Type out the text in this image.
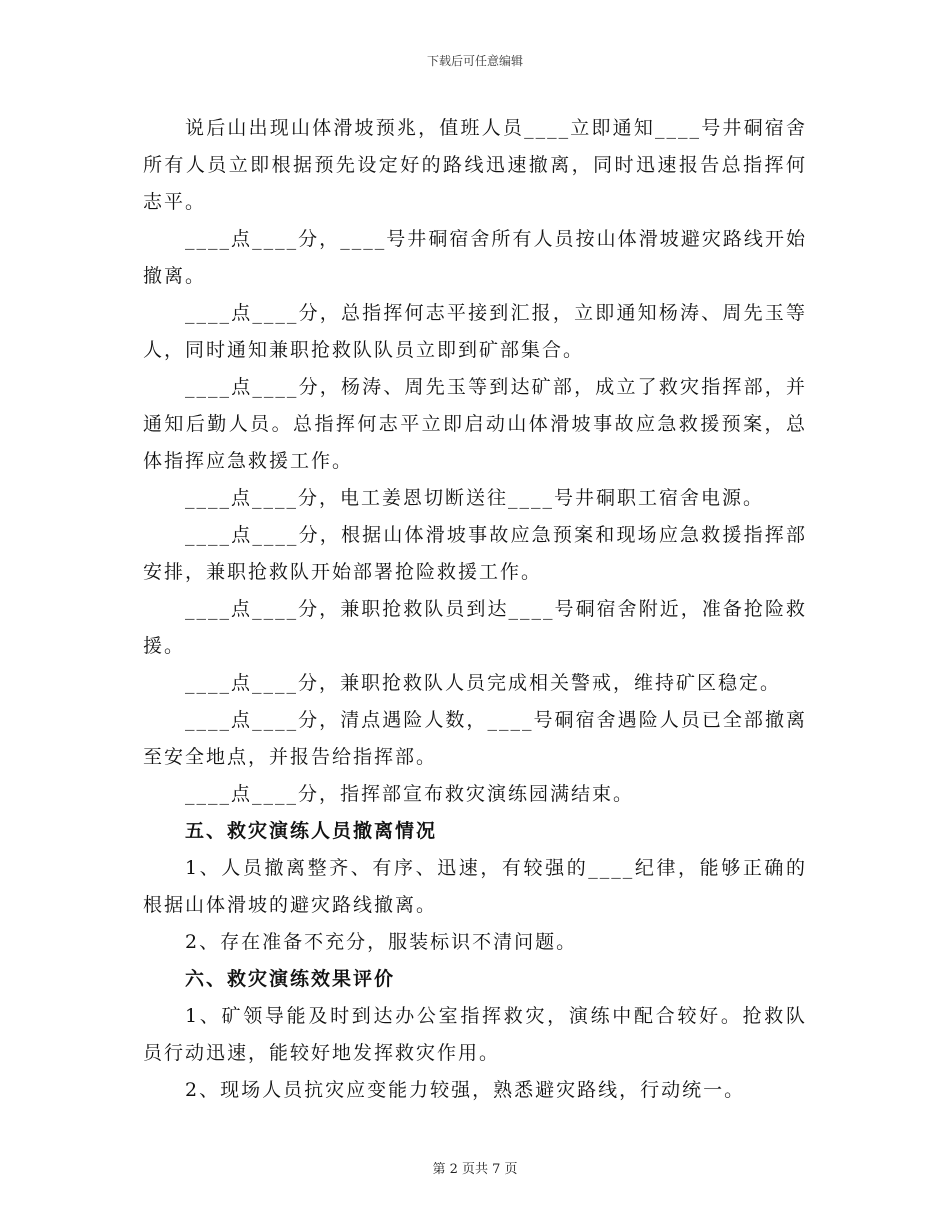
下载后可任意编辑

说后山出现山体滑坡预兆，值班人员____立即通知____号井硐宿舍所有人员立即根据预先设定好的路线迅速撤离，同时迅速报告总指挥何志平。

____点____分，____号井硐宿舍所有人员按山体滑坡避灾路线开始撤离。

____点____分，总指挥何志平接到汇报，立即通知杨涛、周先玉等人，同时通知兼职抢救队队员立即到矿部集合。

____点____分，杨涛、周先玉等到达矿部，成立了救灾指挥部，并通知后勤人员。总指挥何志平立即启动山体滑坡事故应急救援预案，总体指挥应急救援工作。

____点____分，电工姜恩切断送往____号井硐职工宿舍电源。

____点____分，根据山体滑坡事故应急预案和现场应急救援指挥部安排，兼职抢救队开始部署抢险救援工作。

____点____分，兼职抢救队员到达____号硐宿舍附近，准备抢险救援。

____点____分，兼职抢救队人员完成相关警戒，维持矿区稳定。

____点____分，清点遇险人数，____号硐宿舍遇险人员已全部撤离至安全地点，并报告给指挥部。

____点____分，指挥部宣布救灾演练园满结束。

五、救灾演练人员撤离情况

1、人员撤离整齐、有序、迅速，有较强的____纪律，能够正确的根据山体滑坡的避灾路线撤离。

2、存在准备不充分，服装标识不清问题。

六、救灾演练效果评价

1、矿领导能及时到达办公室指挥救灾，演练中配合较好。抢救队员行动迅速，能较好地发挥救灾作用。

2、现场人员抗灾应变能力较强，熟悉避灾路线，行动统一。

第 2 页共 7 页
